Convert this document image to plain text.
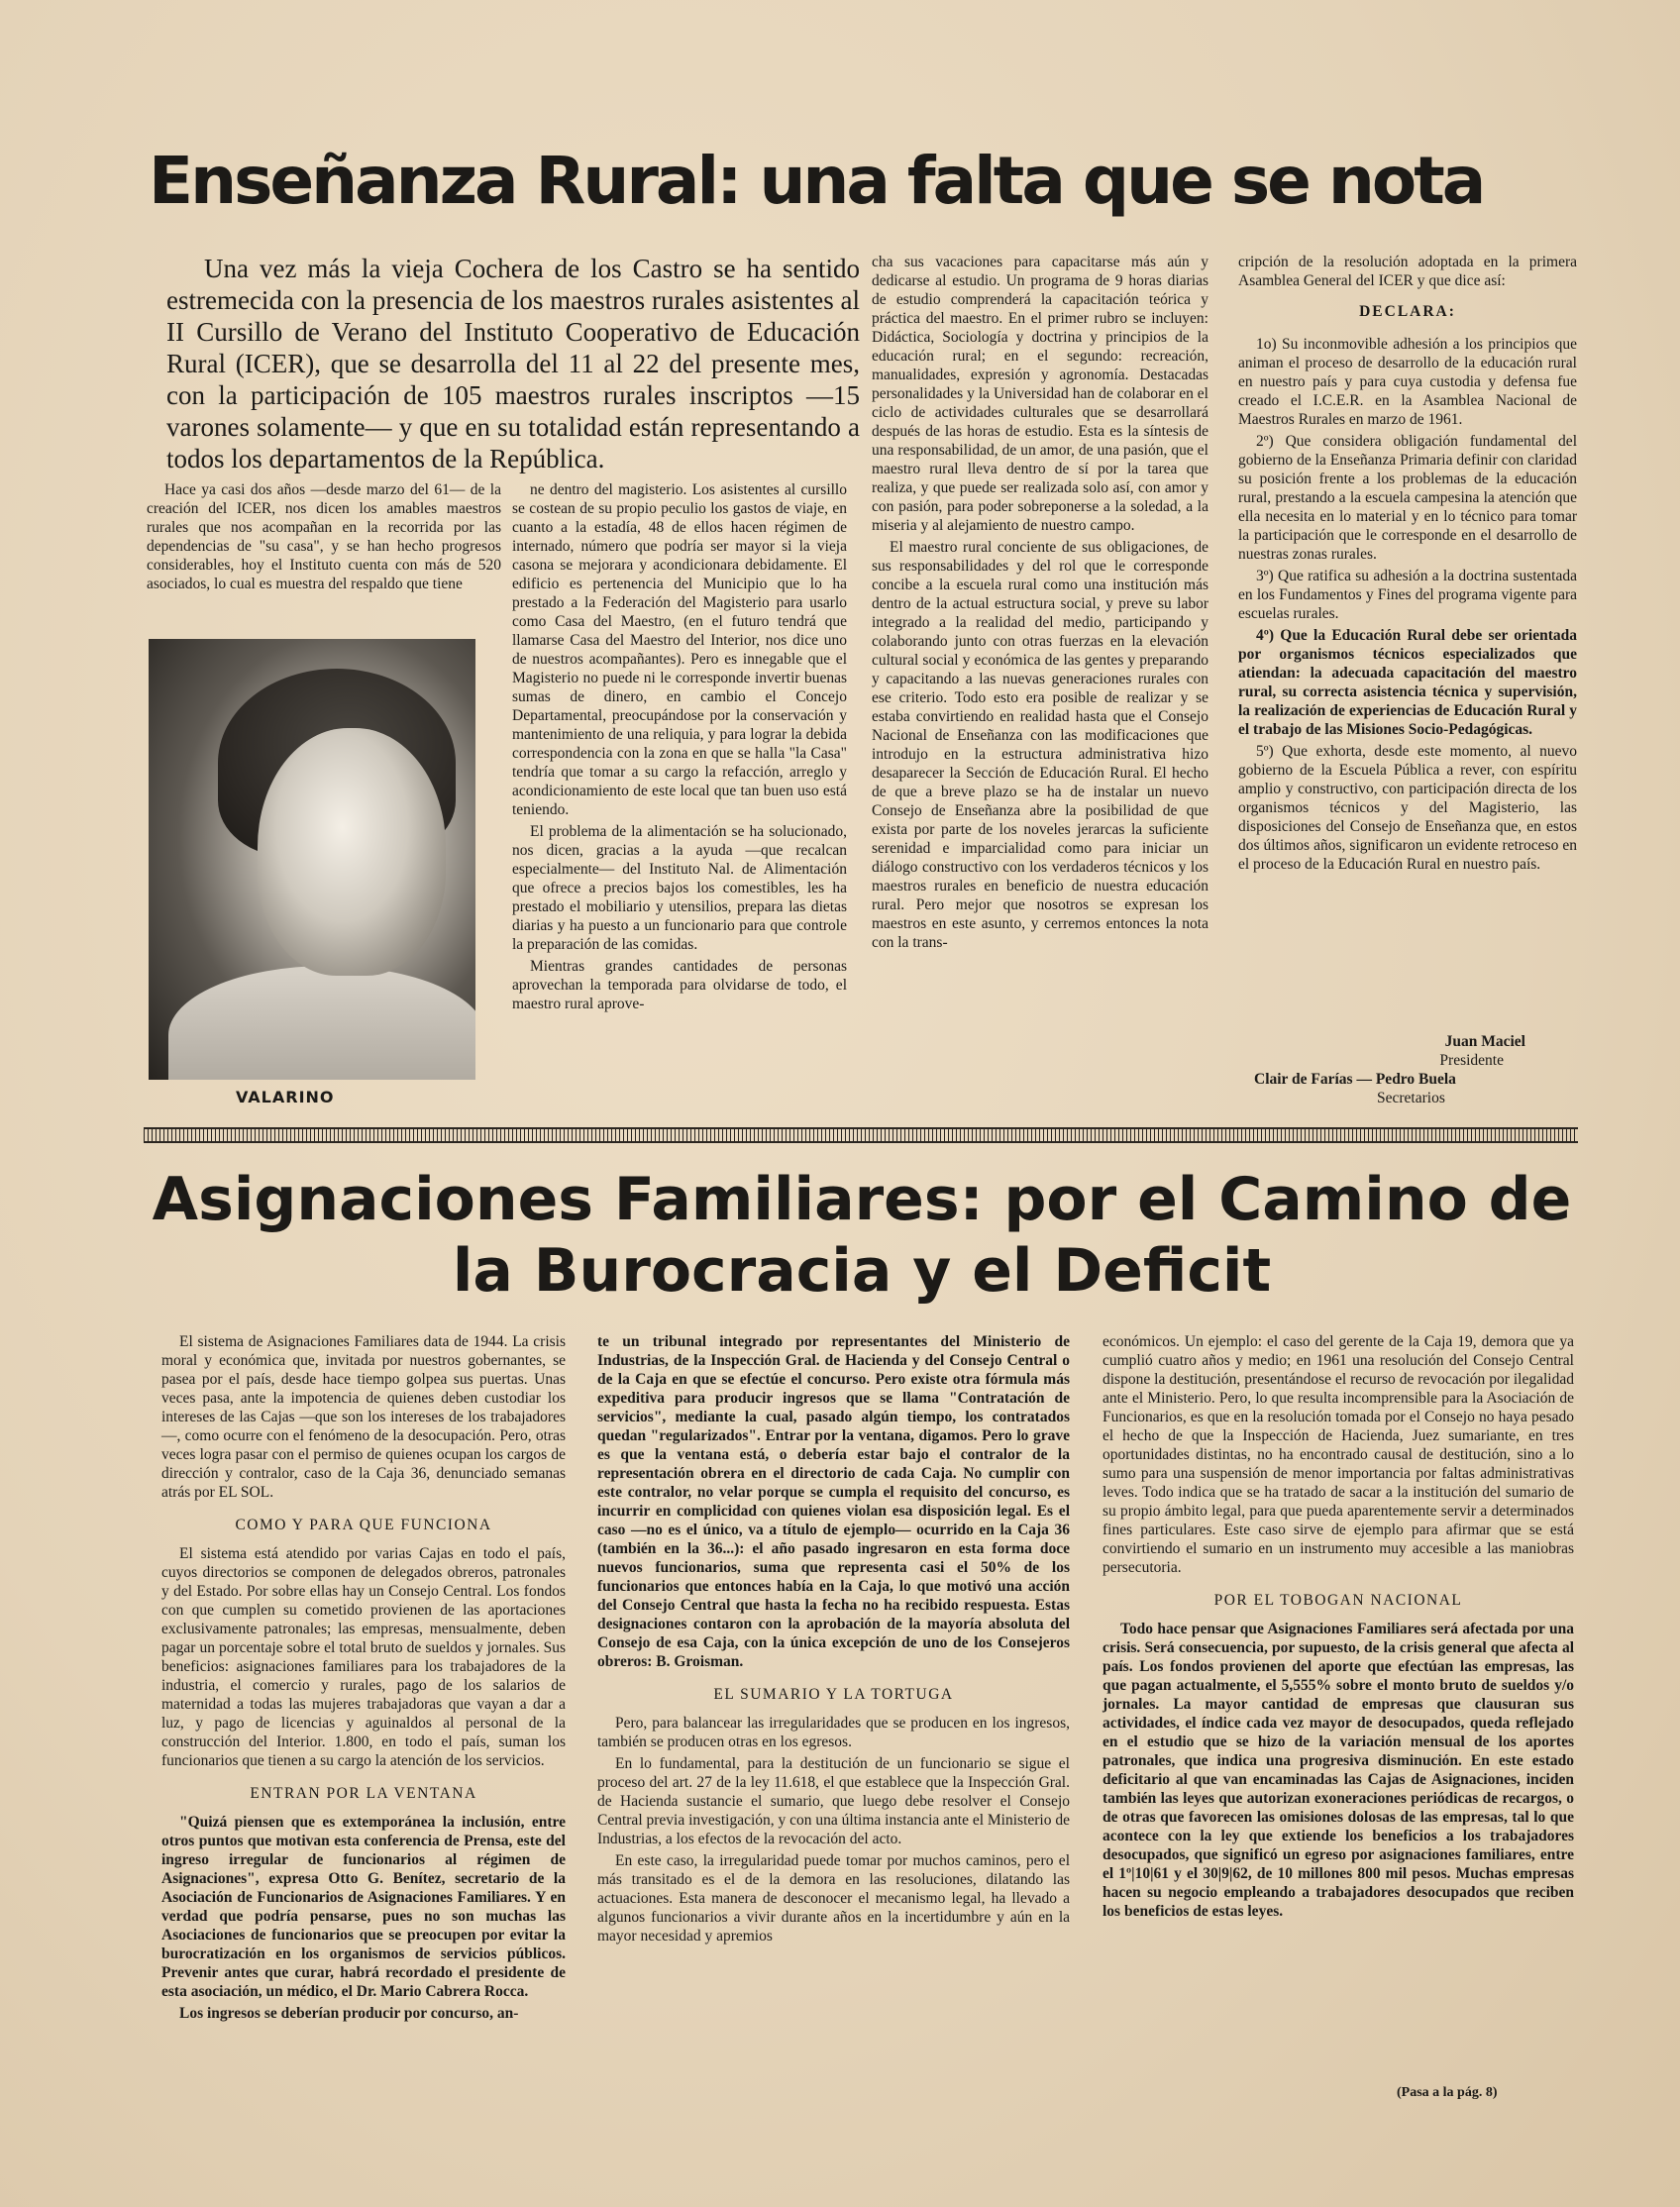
Enseñanza Rural: una falta que se nota

Una vez más la vieja Cochera de los Castro se ha sentido estremecida con la presencia de los maestros rurales asistentes al II Cursillo de Verano del Instituto Cooperativo de Educación Rural (ICER), que se desarrolla del 11 al 22 del presente mes, con la participación de 105 maestros rurales inscriptos —15 varones solamente— y que en su totalidad están representando a todos los departamentos de la República.

Hace ya casi dos años —desde marzo del 61— de la creación del ICER, nos dicen los amables maestros rurales que nos acompañan en la recorrida por las dependencias de "su casa", y se han hecho progresos considerables, hoy el Instituto cuenta con más de 520 asociados, lo cual es muestra del respaldo que tiene

VALARINO

ne dentro del magisterio. Los asistentes al cursillo se costean de su propio peculio los gastos de viaje, en cuanto a la estadía, 48 de ellos hacen régimen de internado, número que podría ser mayor si la vieja casona se mejorara y acondicionara debidamente. El edificio es pertenencia del Municipio que lo ha prestado a la Federación del Magisterio para usarlo como Casa del Maestro, (en el futuro tendrá que llamarse Casa del Maestro del Interior, nos dice uno de nuestros acompañantes). Pero es innegable que el Magisterio no puede ni le corresponde invertir buenas sumas de dinero, en cambio el Concejo Departamental, preocupándose por la conservación y mantenimiento de una reliquia, y para lograr la debida correspondencia con la zona en que se halla "la Casa" tendría que tomar a su cargo la refacción, arreglo y acondicionamiento de este local que tan buen uso está teniendo.

El problema de la alimentación se ha solucionado, nos dicen, gracias a la ayuda —que recalcan especialmente— del Instituto Nal. de Alimentación que ofrece a precios bajos los comestibles, les ha prestado el mobiliario y utensilios, prepara las dietas diarias y ha puesto a un funcionario para que controle la preparación de las comidas.

Mientras grandes cantidades de personas aprovechan la temporada para olvidarse de todo, el maestro rural aprove-

cha sus vacaciones para capacitarse más aún y dedicarse al estudio. Un programa de 9 horas diarias de estudio comprenderá la capacitación teórica y práctica del maestro. En el primer rubro se incluyen: Didáctica, Sociología y doctrina y principios de la educación rural; en el segundo: recreación, manualidades, expresión y agronomía. Destacadas personalidades y la Universidad han de colaborar en el ciclo de actividades culturales que se desarrollará después de las horas de estudio. Esta es la síntesis de una responsabilidad, de un amor, de una pasión, que el maestro rural lleva dentro de sí por la tarea que realiza, y que puede ser realizada solo así, con amor y con pasión, para poder sobreponerse a la soledad, a la miseria y al alejamiento de nuestro campo.

El maestro rural conciente de sus obligaciones, de sus responsabilidades y del rol que le corresponde concibe a la escuela rural como una institución más dentro de la actual estructura social, y preve su labor integrado a la realidad del medio, participando y colaborando junto con otras fuerzas en la elevación cultural social y económica de las gentes y preparando y capacitando a las nuevas generaciones rurales con ese criterio. Todo esto era posible de realizar y se estaba convirtiendo en realidad hasta que el Consejo Nacional de Enseñanza con las modificaciones que introdujo en la estructura administrativa hizo desaparecer la Sección de Educación Rural. El hecho de que a breve plazo se ha de instalar un nuevo Consejo de Enseñanza abre la posibilidad de que exista por parte de los noveles jerarcas la suficiente serenidad e imparcialidad como para iniciar un diálogo constructivo con los verdaderos técnicos y los maestros rurales en beneficio de nuestra educación rural. Pero mejor que nosotros se expresan los maestros en este asunto, y cerremos entonces la nota con la trans-

cripción de la resolución adoptada en la primera Asamblea General del ICER y que dice así:

DECLARA:

1o) Su inconmovible adhesión a los principios que animan el proceso de desarrollo de la educación rural en nuestro país y para cuya custodia y defensa fue creado el I.C.E.R. en la Asamblea Nacional de Maestros Rurales en marzo de 1961.

2º) Que considera obligación fundamental del gobierno de la Enseñanza Primaria definir con claridad su posición frente a los problemas de la educación rural, prestando a la escuela campesina la atención que ella necesita en lo material y en lo técnico para tomar la participación que le corresponde en el desarrollo de nuestras zonas rurales.

3º) Que ratifica su adhesión a la doctrina sustentada en los Fundamentos y Fines del programa vigente para escuelas rurales.

4º) Que la Educación Rural debe ser orientada por organismos técnicos especializados que atiendan: la adecuada capacitación del maestro rural, su correcta asistencia técnica y supervisión, la realización de experiencias de Educación Rural y el trabajo de las Misiones Socio-Pedagógicas.

5º) Que exhorta, desde este momento, al nuevo gobierno de la Escuela Pública a rever, con espíritu amplio y constructivo, con participación directa de los organismos técnicos y del Magisterio, las disposiciones del Consejo de Enseñanza que, en estos dos últimos años, significaron un evidente retroceso en el proceso de la Educación Rural en nuestro país.

Juan Maciel
Presidente
Clair de Farías — Pedro Buela
Secretarios
Asignaciones Familiares: por el Camino de la Burocracia y el Deficit

El sistema de Asignaciones Familiares data de 1944. La crisis moral y económica que, invitada por nuestros gobernantes, se pasea por el país, desde hace tiempo golpea sus puertas. Unas veces pasa, ante la impotencia de quienes deben custodiar los intereses de las Cajas —que son los intereses de los trabajadores—, como ocurre con el fenómeno de la desocupación. Pero, otras veces logra pasar con el permiso de quienes ocupan los cargos de dirección y contralor, caso de la Caja 36, denunciado semanas atrás por EL SOL.

COMO Y PARA QUE FUNCIONA

El sistema está atendido por varias Cajas en todo el país, cuyos directorios se componen de delegados obreros, patronales y del Estado. Por sobre ellas hay un Consejo Central. Los fondos con que cumplen su cometido provienen de las aportaciones exclusivamente patronales; las empresas, mensualmente, deben pagar un porcentaje sobre el total bruto de sueldos y jornales. Sus beneficios: asignaciones familiares para los trabajadores de la industria, el comercio y rurales, pago de los salarios de maternidad a todas las mujeres trabajadoras que vayan a dar a luz, y pago de licencias y aguinaldos al personal de la construcción del Interior. 1.800, en todo el país, suman los funcionarios que tienen a su cargo la atención de los servicios.

ENTRAN POR LA VENTANA

"Quizá piensen que es extemporánea la inclusión, entre otros puntos que motivan esta conferencia de Prensa, este del ingreso irregular de funcionarios al régimen de Asignaciones", expresa Otto G. Benítez, secretario de la Asociación de Funcionarios de Asignaciones Familiares. Y en verdad que podría pensarse, pues no son muchas las Asociaciones de funcionarios que se preocupen por evitar la burocratización en los organismos de servicios públicos. Prevenir antes que curar, habrá recordado el presidente de esta asociación, un médico, el Dr. Mario Cabrera Rocca.

Los ingresos se deberían producir por concurso, an-

te un tribunal integrado por representantes del Ministerio de Industrias, de la Inspección Gral. de Hacienda y del Consejo Central o de la Caja en que se efectúe el concurso. Pero existe otra fórmula más expeditiva para producir ingresos que se llama "Contratación de servicios", mediante la cual, pasado algún tiempo, los contratados quedan "regularizados". Entrar por la ventana, digamos. Pero lo grave es que la ventana está, o debería estar bajo el contralor de la representación obrera en el directorio de cada Caja. No cumplir con este contralor, no velar porque se cumpla el requisito del concurso, es incurrir en complicidad con quienes violan esa disposición legal. Es el caso —no es el único, va a título de ejemplo— ocurrido en la Caja 36 (también en la 36...): el año pasado ingresaron en esta forma doce nuevos funcionarios, suma que representa casi el 50% de los funcionarios que entonces había en la Caja, lo que motivó una acción del Consejo Central que hasta la fecha no ha recibido respuesta. Estas designaciones contaron con la aprobación de la mayoría absoluta del Consejo de esa Caja, con la única excepción de uno de los Consejeros obreros: B. Groisman.

EL SUMARIO Y LA TORTUGA

Pero, para balancear las irregularidades que se producen en los ingresos, también se producen otras en los egresos.

En lo fundamental, para la destitución de un funcionario se sigue el proceso del art. 27 de la ley 11.618, el que establece que la Inspección Gral. de Hacienda sustancie el sumario, que luego debe resolver el Consejo Central previa investigación, y con una última instancia ante el Ministerio de Industrias, a los efectos de la revocación del acto.

En este caso, la irregularidad puede tomar por muchos caminos, pero el más transitado es el de la demora en las resoluciones, dilatando las actuaciones. Esta manera de desconocer el mecanismo legal, ha llevado a algunos funcionarios a vivir durante años en la incertidumbre y aún en la mayor necesidad y apremios

económicos. Un ejemplo: el caso del gerente de la Caja 19, demora que ya cumplió cuatro años y medio; en 1961 una resolución del Consejo Central dispone la destitución, presentándose el recurso de revocación por ilegalidad ante el Ministerio. Pero, lo que resulta incomprensible para la Asociación de Funcionarios, es que en la resolución tomada por el Consejo no haya pesado el hecho de que la Inspección de Hacienda, Juez sumariante, en tres oportunidades distintas, no ha encontrado causal de destitución, sino a lo sumo para una suspensión de menor importancia por faltas administrativas leves. Todo indica que se ha tratado de sacar a la institución del sumario de su propio ámbito legal, para que pueda aparentemente servir a determinados fines particulares. Este caso sirve de ejemplo para afirmar que se está convirtiendo el sumario en un instrumento muy accesible a las maniobras persecutoria.

POR EL TOBOGAN NACIONAL

Todo hace pensar que Asignaciones Familiares será afectada por una crisis. Será consecuencia, por supuesto, de la crisis general que afecta al país. Los fondos provienen del aporte que efectúan las empresas, las que pagan actualmente, el 5,555% sobre el monto bruto de sueldos y/o jornales. La mayor cantidad de empresas que clausuran sus actividades, el índice cada vez mayor de desocupados, queda reflejado en el estudio que se hizo de la variación mensual de los aportes patronales, que indica una progresiva disminución. En este estado deficitario al que van encaminadas las Cajas de Asignaciones, inciden también las leyes que autorizan exoneraciones periódicas de recargos, o de otras que favorecen las omisiones dolosas de las empresas, tal lo que acontece con la ley que extiende los beneficios a los trabajadores desocupados, que significó un egreso por asignaciones familiares, entre el 1º|10|61 y el 30|9|62, de 10 millones 800 mil pesos. Muchas empresas hacen su negocio empleando a trabajadores desocupados que reciben los beneficios de estas leyes.

(Pasa a la pág. 8)
